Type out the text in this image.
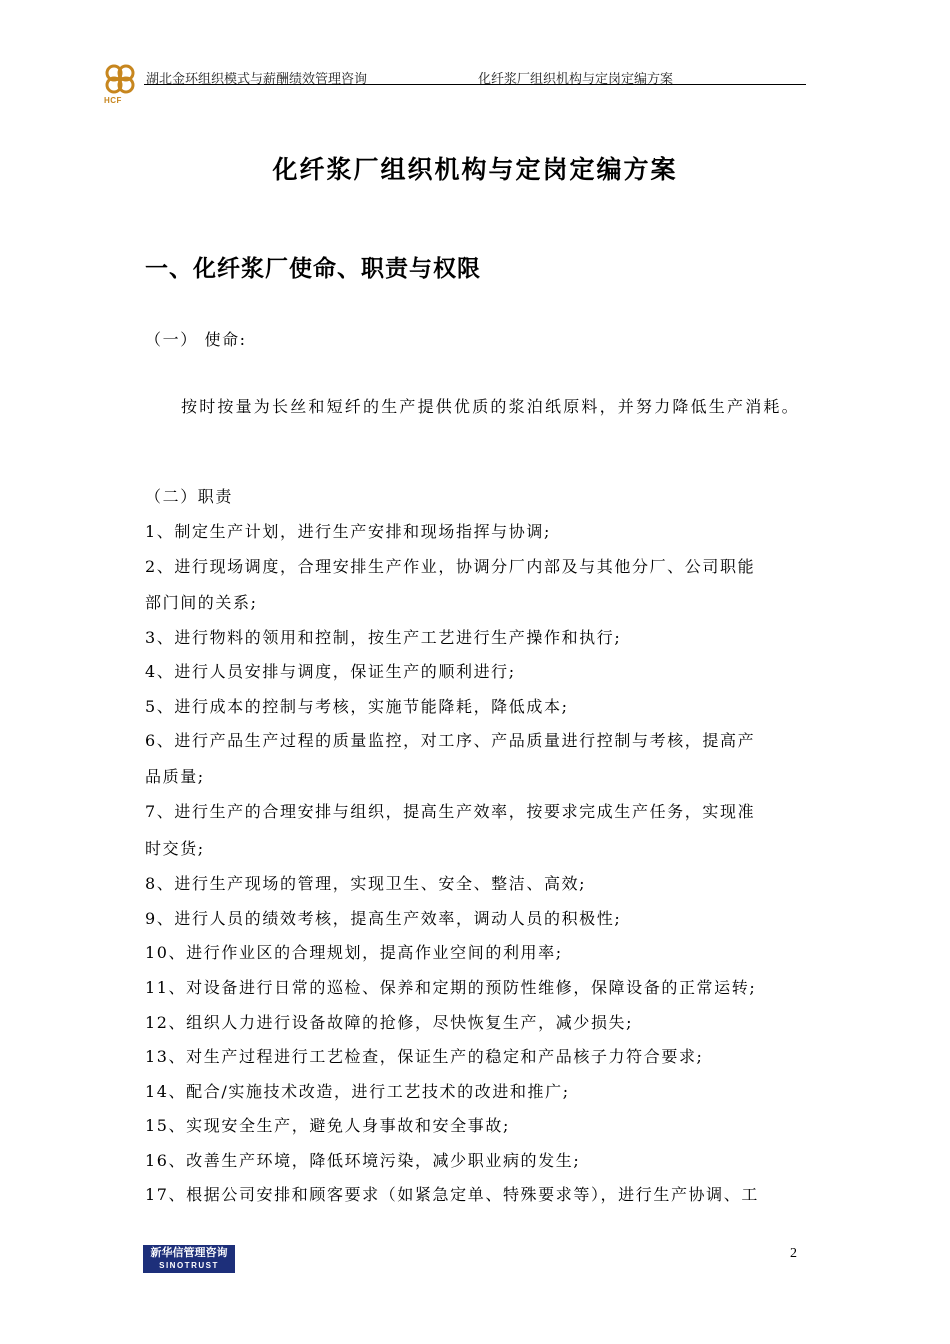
HCF
湖北金环组织模式与薪酬绩效管理咨询	化纤浆厂组织机构与定岗定编方案
化纤浆厂组织机构与定岗定编方案
一、化纤浆厂使命、职责与权限
（一） 使命:
按时按量为长丝和短纤的生产提供优质的浆泊纸原料，并努力降低生产消耗。
（二）职责
1、制定生产计划，进行生产安排和现场指挥与协调;
2、进行现场调度，合理安排生产作业，协调分厂内部及与其他分厂、公司职能
部门间的关系;
3、进行物料的领用和控制，按生产工艺进行生产操作和执行;
4、进行人员安排与调度，保证生产的顺利进行;
5、进行成本的控制与考核，实施节能降耗，降低成本;
6、进行产品生产过程的质量监控，对工序、产品质量进行控制与考核，提高产
品质量;
7、进行生产的合理安排与组织，提高生产效率，按要求完成生产任务，实现准
时交货;
8、进行生产现场的管理，实现卫生、安全、整洁、高效;
9、进行人员的绩效考核，提高生产效率，调动人员的积极性;
10、进行作业区的合理规划，提高作业空间的利用率;
11、对设备进行日常的巡检、保养和定期的预防性维修，保障设备的正常运转;
12、组织人力进行设备故障的抢修，尽快恢复生产，减少损失;
13、对生产过程进行工艺检查，保证生产的稳定和产品核子力符合要求;
14、配合/实施技术改造，进行工艺技术的改进和推广;
15、实现安全生产，避免人身事故和安全事故;
16、改善生产环境，降低环境污染，减少职业病的发生;
17、根据公司安排和顾客要求（如紧急定单、特殊要求等），进行生产协调、工
新华信管理咨询
SINOTRUST
2
